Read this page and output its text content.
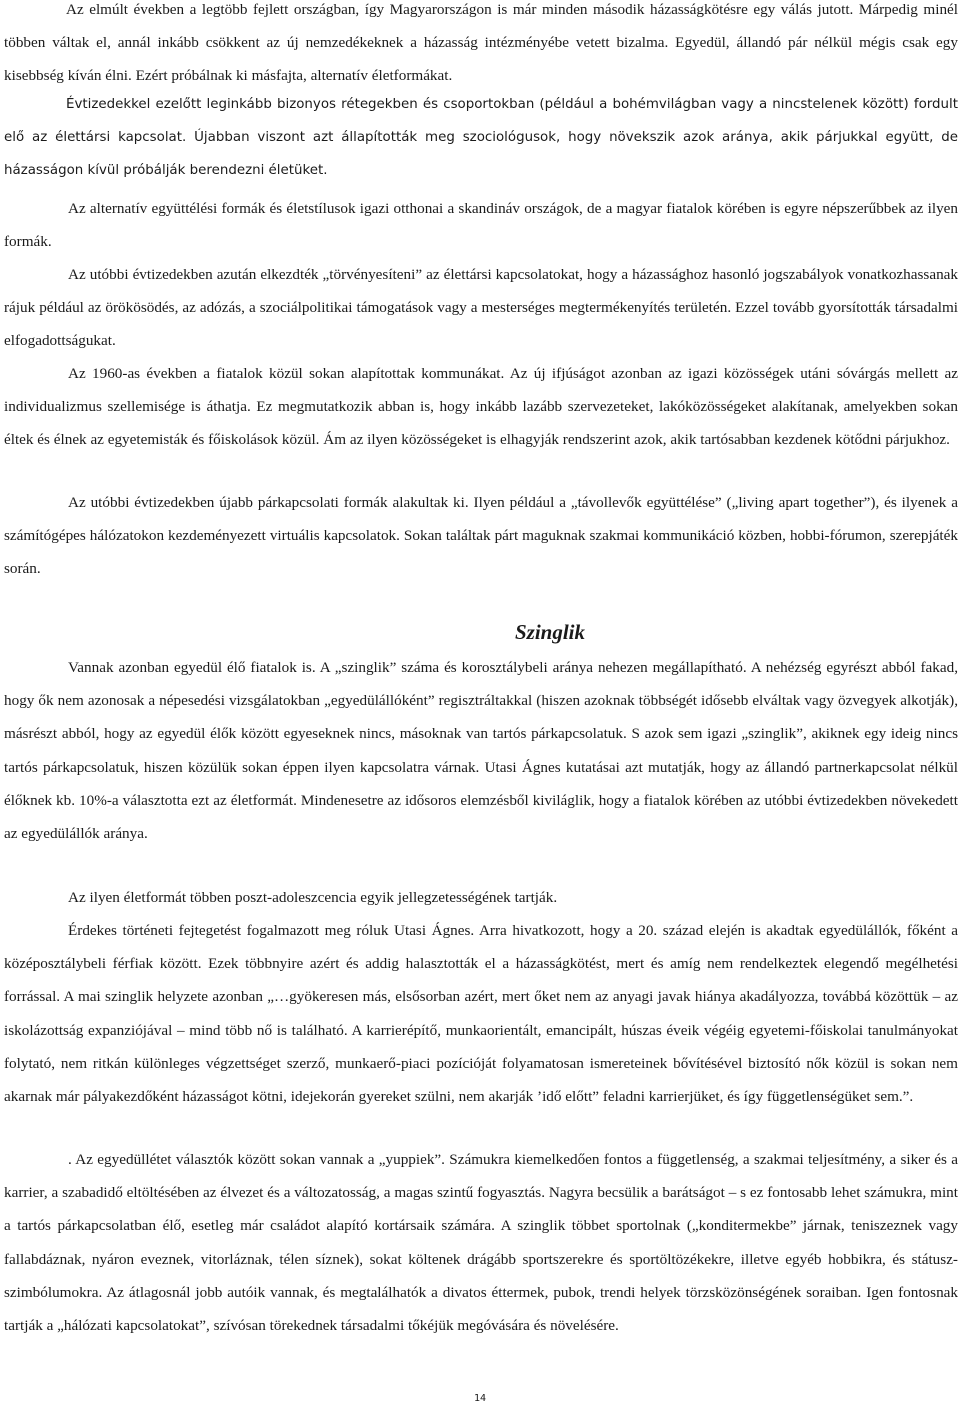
Az elmúlt években a legtöbb fejlett országban, így Magyarországon is már minden második házasságkötésre egy válás jutott. Márpedig minél többen váltak el, annál inkább csökkent az új nemzedékeknek a házasság intézményébe vetett bizalma. Egyedül, állandó pár nélkül mégis csak egy kisebbség kíván élni. Ezért próbálnak ki másfajta, alternatív életformákat.

Évtizedekkel ezelőtt leginkább bizonyos rétegekben és csoportokban (például a bohémvilágban vagy a nincstelenek között) fordult elő az élettársi kapcsolat. Újabban viszont azt állapították meg szociológusok, hogy növekszik azok aránya, akik párjukkal együtt, de házasságon kívül próbálják berendezni életüket.

Az alternatív együttélési formák és életstílusok igazi otthonai a skandináv országok, de a magyar fiatalok körében is egyre népszerűbbek az ilyen formák.

Az utóbbi évtizedekben azután elkezdték „törvényesíteni” az élettársi kapcsolatokat, hogy a házassághoz hasonló jogszabályok vonatkozhassanak rájuk például az örökösödés, az adózás, a szociálpolitikai támogatások vagy a mesterséges megtermékenyítés területén. Ezzel tovább gyorsították társadalmi elfogadottságukat.

Az 1960-as években a fiatalok közül sokan alapítottak kommunákat. Az új ifjúságot azonban az igazi közösségek utáni sóvárgás mellett az individualizmus szellemisége is áthatja. Ez megmutatkozik abban is, hogy inkább lazább szervezeteket, lakóközösségeket alakítanak, amelyekben sokan éltek és élnek az egyetemisták és főiskolások közül. Ám az ilyen közösségeket is elhagyják rendszerint azok, akik tartósabban kezdenek kötődni párjukhoz.

Az utóbbi évtizedekben újabb párkapcsolati formák alakultak ki. Ilyen például a „távollevők együttélése” („living apart together”), és ilyenek a számítógépes hálózatokon kezdeményezett virtuális kapcsolatok. Sokan találtak párt maguknak szakmai kommunikáció közben, hobbi-fórumon, szerepjáték során.

Szinglik

Vannak azonban egyedül élő fiatalok is. A „szinglik” száma és korosztálybeli aránya nehezen megállapítható. A nehézség egyrészt abból fakad, hogy ők nem azonosak a népesedési vizsgálatokban „egyedülállóként” regisztráltakkal (hiszen azoknak többségét idősebb elváltak vagy özvegyek alkotják), másrészt abból, hogy az egyedül élők között egyeseknek nincs, másoknak van tartós párkapcsolatuk. S azok sem igazi „szinglik”, akiknek egy ideig nincs tartós párkapcsolatuk, hiszen közülük sokan éppen ilyen kapcsolatra várnak. Utasi Ágnes kutatásai azt mutatják, hogy az állandó partnerkapcsolat nélkül élőknek kb. 10%-a választotta ezt az életformát. Mindenesetre az idősoros elemzésből kiviláglik, hogy a fiatalok körében az utóbbi évtizedekben növekedett az egyedülállók aránya.

Az ilyen életformát többen poszt-adoleszcencia egyik jellegzetességének tartják.

Érdekes történeti fejtegetést fogalmazott meg róluk Utasi Ágnes. Arra hivatkozott, hogy a 20. század elején is akadtak egyedülállók, főként a középosztálybeli férfiak között. Ezek többnyire azért és addig halasztották el a házasságkötést, mert és amíg nem rendelkeztek elegendő megélhetési forrással. A mai szinglik helyzete azonban „…gyökeresen más, elsősorban azért, mert őket nem az anyagi javak hiánya akadályozza, továbbá közöttük – az iskolázottság expanziójával – mind több nő is található. A karrierépítő, munkaorientált, emancipált, húszas éveik végéig egyetemi-főiskolai tanulmányokat folytató, nem ritkán különleges végzettséget szerző, munkaerő-piaci pozícióját folyamatosan ismereteinek bővítésével biztosító nők közül is sokan nem akarnak már pályakezdőként házasságot kötni, idejekorán gyereket szülni, nem akarják ’idő előtt” feladni karrierjüket, és így függetlenségüket sem.”.

. Az egyedüllétet választók között sokan vannak a „yuppiek”. Számukra kiemelkedően fontos a függetlenség, a szakmai teljesítmény, a siker és a karrier, a szabadidő eltöltésében az élvezet és a változatosság, a magas szintű fogyasztás. Nagyra becsülik a barátságot – s ez fontosabb lehet számukra, mint a tartós párkapcsolatban élő, esetleg már családot alapító kortársaik számára. A szinglik többet sportolnak („konditermekbe” járnak, teniszeznek vagy fallabdáznak, nyáron eveznek, vitorláznak, télen síznek), sokat költenek drágább sportszerekre és sportöltözékekre, illetve egyéb hobbikra, és státusz-szimbólumokra. Az átlagosnál jobb autóik vannak, és megtalálhatók a divatos éttermek, pubok, trendi helyek törzsközönségének soraiban. Igen fontosnak tartják a „hálózati kapcsolatokat”, szívósan törekednek társadalmi tőkéjük megóvására és növelésére.

14
